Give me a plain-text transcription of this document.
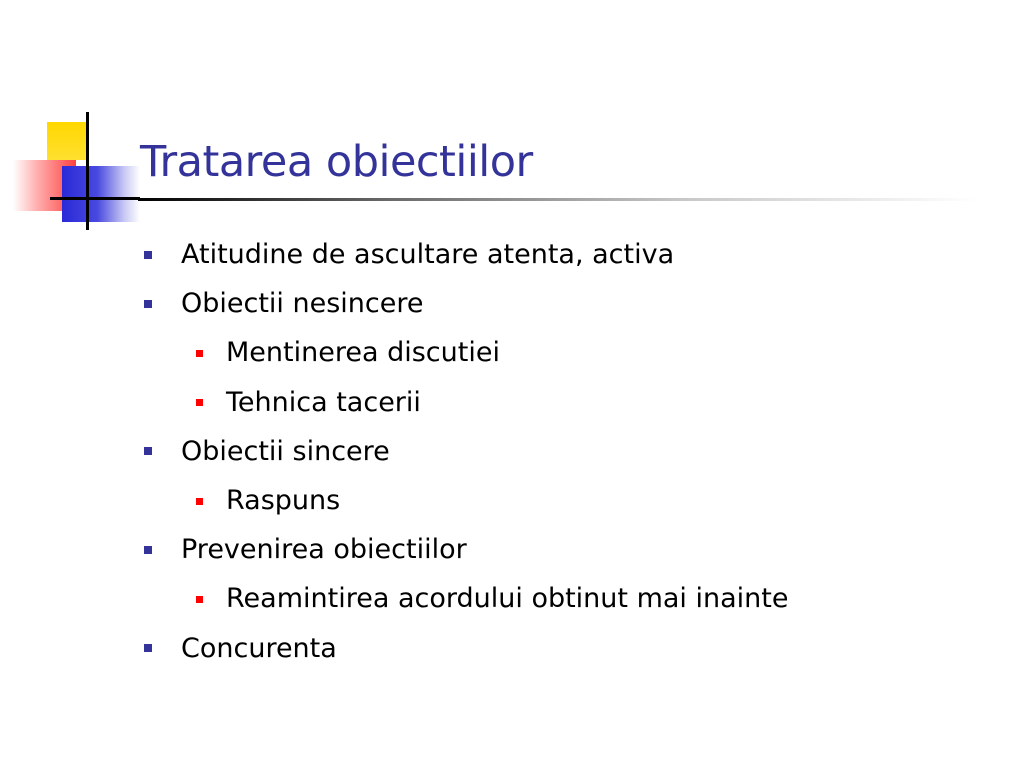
Tratarea obiectiilor
Atitudine de ascultare atenta, activa
Obiectii nesincere
Mentinerea discutiei
Tehnica tacerii
Obiectii sincere
Raspuns
Prevenirea obiectiilor
Reamintirea acordului obtinut mai inainte
Concurenta
